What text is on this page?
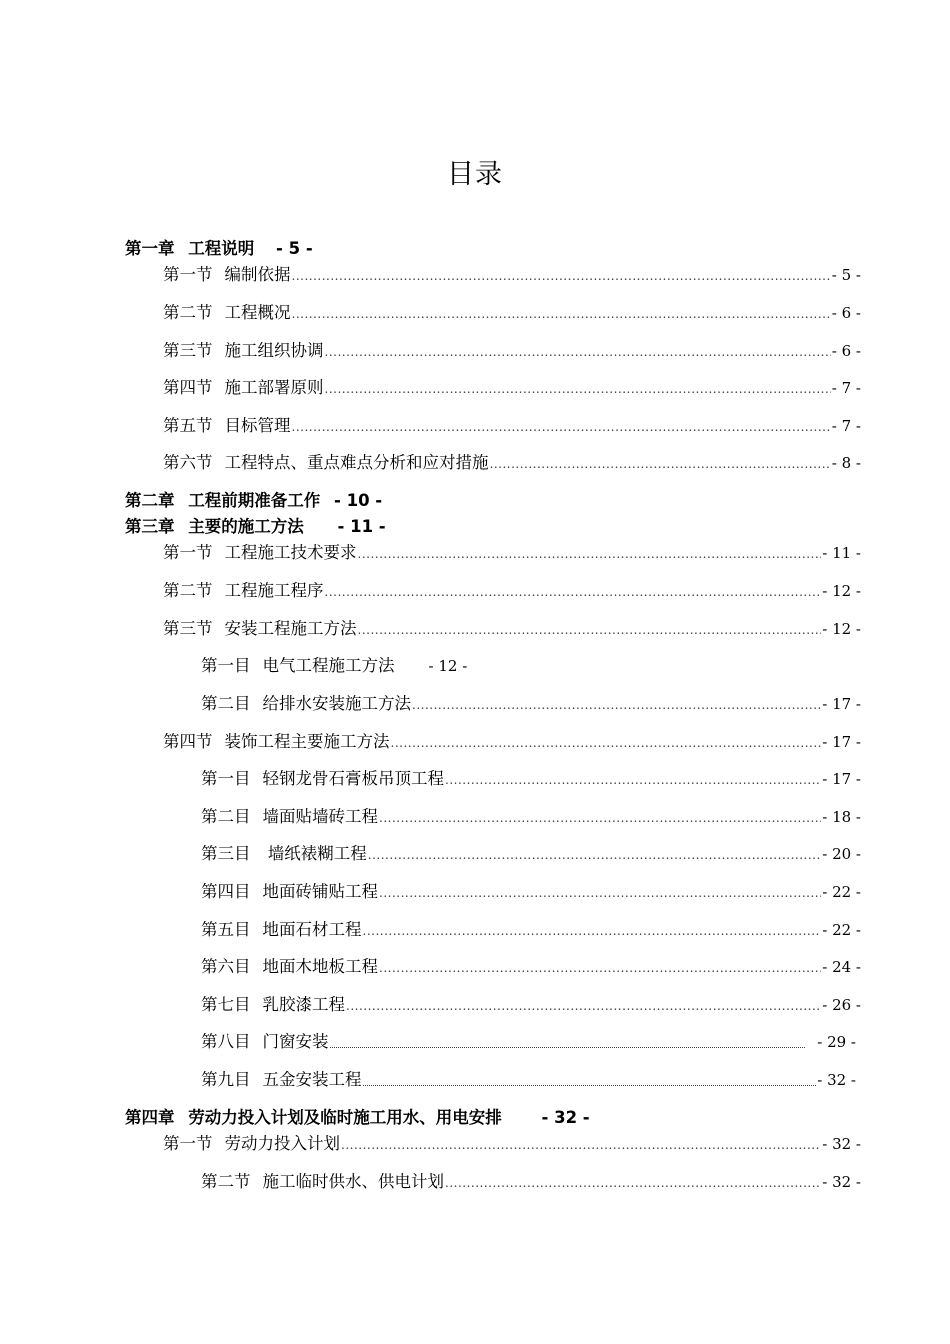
目录
第一章 工程说明 - 5 -
第一节 编制依据 .....	- 5 -
第二节 工程概况 .....	- 6 -
第三节 施工组织协调 .....	- 6 -
第四节 施工部署原则 .....	- 7 -
第五节 目标管理 .....	- 7 -
第六节 工程特点、重点难点分析和应对措施 .....	- 8 -
第二章 工程前期准备工作 - 10 -
第三章 主要的施工方法 - 11 -
第一节 工程施工技术要求 .....	- 11 -
第二节 工程施工程序 .....	- 12 -
第三节 安装工程施工方法 .....	- 12 -
第一目 电气工程施工方法 - 12 -
第二目 给排水安装施工方法 .....	- 17 -
第四节 装饰工程主要施工方法 .....	- 17 -
第一目 轻钢龙骨石膏板吊顶工程 .....	- 17 -
第二目 墙面贴墙砖工程 .....	- 18 -
第三目 墙纸裱糊工程 .....	- 20 -
第四目 地面砖铺贴工程 .....	- 22 -
第五目 地面石材工程 .....	- 22 -
第六目 地面木地板工程 .....	- 24 -
第七目 乳胶漆工程 .....	- 26 -
第八目 门窗安装	- 29 -
第九目 五金安装工程	- 32 -
第四章 劳动力投入计划及临时施工用水、用电安排 - 32 -
第一节 劳动力投入计划 .....	- 32 -
第二节 施工临时供水、供电计划 .....	- 32 -
